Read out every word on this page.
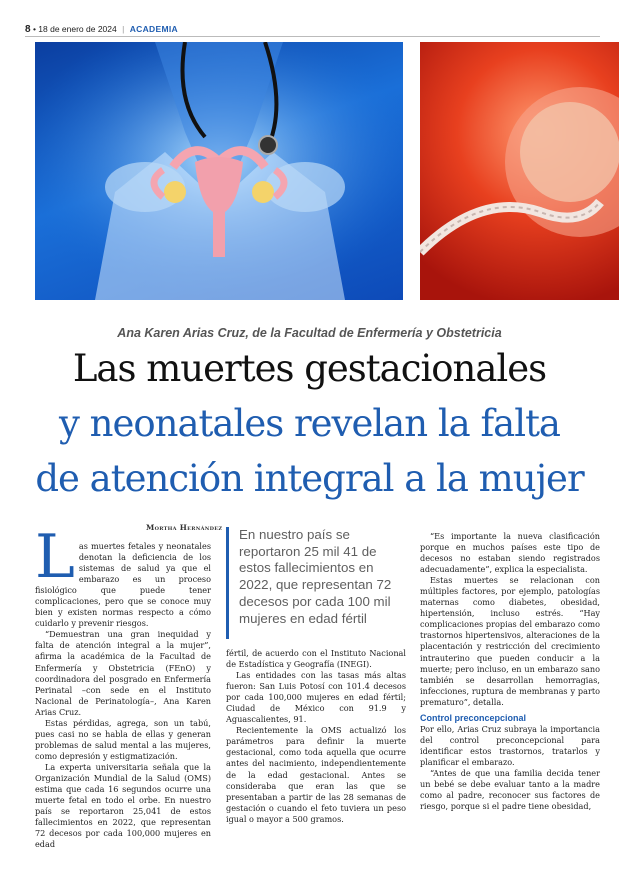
8 • 18 de enero de 2024 | ACADEMIA
Ana Karen Arias Cruz, de la Facultad de Enfermería y Obstetricia
Las muertes gestacionales
y neonatales revelan la falta
de atención integral a la mujer
Mortha Hernández
L as muertes fetales y neonatales denotan la deficiencia de los sistemas de salud ya que el embarazo es un proceso fisiológico que puede tener complicaciones, pero que se conoce muy bien y existen normas respecto a cómo cuidarlo y prevenir riesgos.

“Demuestran una gran inequidad y falta de atención integral a la mujer”, afirma la académica de la Facultad de Enfermería y Obstetricia (FEnO) y coordinadora del posgrado en Enfermería Perinatal –con sede en el Instituto Nacional de Perinatología–, Ana Karen Arias Cruz.

Estas pérdidas, agrega, son un tabú, pues casi no se habla de ellas y generan problemas de salud mental a las mujeres, como depresión y estigmatización.

La experta universitaria señala que la Organización Mundial de la Salud (OMS) estima que cada 16 segundos ocurre una muerte fetal en todo el orbe. En nuestro país se reportaron 25,041 de estos fallecimientos en 2022, que representan 72 decesos por cada 100,000 mujeres en edad

En nuestro país se reportaron 25 mil 41 de estos fallecimientos en 2022, que representan 72 decesos por cada 100 mil mujeres en edad fértil

fértil, de acuerdo con el Instituto Nacional de Estadística y Geografía (INEGI).

Las entidades con las tasas más altas fueron: San Luis Potosí con 101.4 decesos por cada 100,000 mujeres en edad fértil; Ciudad de México con 91.9 y Aguascalientes, 91.

Recientemente la OMS actualizó los parámetros para definir la muerte gestacional, como toda aquella que ocurre antes del nacimiento, independientemente de la edad gestacional. Antes se consideraba que eran las que se presentaban a partir de las 28 semanas de gestación o cuando el feto tuviera un peso igual o mayor a 500 gramos.

“Es importante la nueva clasificación porque en muchos países este tipo de decesos no estaban siendo registrados adecuadamente”, explica la especialista.

Estas muertes se relacionan con múltiples factores, por ejemplo, patologías maternas como diabetes, obesidad, hipertensión, incluso estrés. “Hay complicaciones propias del embarazo como trastornos hipertensivos, alteraciones de la placentación y restricción del crecimiento intrauterino que pueden conducir a la muerte; pero incluso, en un embarazo sano también se desarrollan hemorragias, infecciones, ruptura de membranas y parto prematuro”, detalla.

Control preconcepcional

Por ello, Arias Cruz subraya la importancia del control preconcepcional para identificar estos trastornos, tratarlos y planificar el embarazo.

“Antes de que una familia decida tener un bebé se debe evaluar tanto a la madre como al padre, reconocer sus factores de riesgo, porque si el padre tiene obesidad,
